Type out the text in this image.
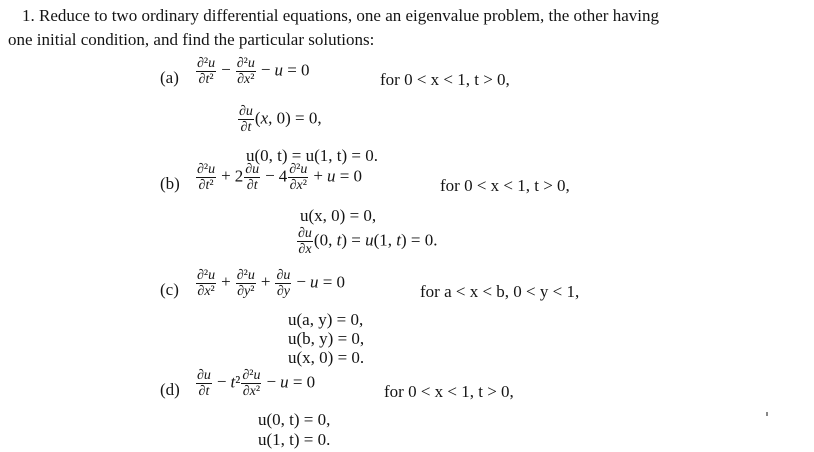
1. Reduce to two ordinary differential equations, one an eigenvalue problem, the other having
one initial condition, and find the particular solutions:
$(a) \frac{\text{∂²u}}{\text{∂t²}} - \frac{\text{∂²u}}{\text{∂x²}} - u = 0$
for 0 < x < 1, t > 0,
$\frac{\partial u}{\partial t} (x$, 0) = 0,
u(0, t) = u(1, t) = 0.
$(b) \frac{\text{∂²u}}{\text{∂t²}} + 2 \frac{\partial u}{\partial t} - 4 \frac{\text{∂²u}}{\text{∂x²}} + u = 0$
for 0 < x < 1, t > 0,
u(x, 0) = 0,
$\frac{\partial u}{\partial x} (0$, t) = u(1, t) = 0.
$(c) \frac{\text{∂²u}}{\text{∂x²}} + \frac{\text{∂²u}}{\text{∂y²}} + \frac{\partial u}{\partial y} - u = 0$
for a < x < b, 0 < y < 1,
u(a, y) = 0,
u(b, y) = 0,
u(x, 0) = 0.
$(d) \frac{\partial u}{\partial t} - t^2 \frac{\text{∂²u}}{\text{∂x²}} - u = 0$
for 0 < x < 1, t > 0,
u(0, t) = 0,
u(1, t) = 0.
